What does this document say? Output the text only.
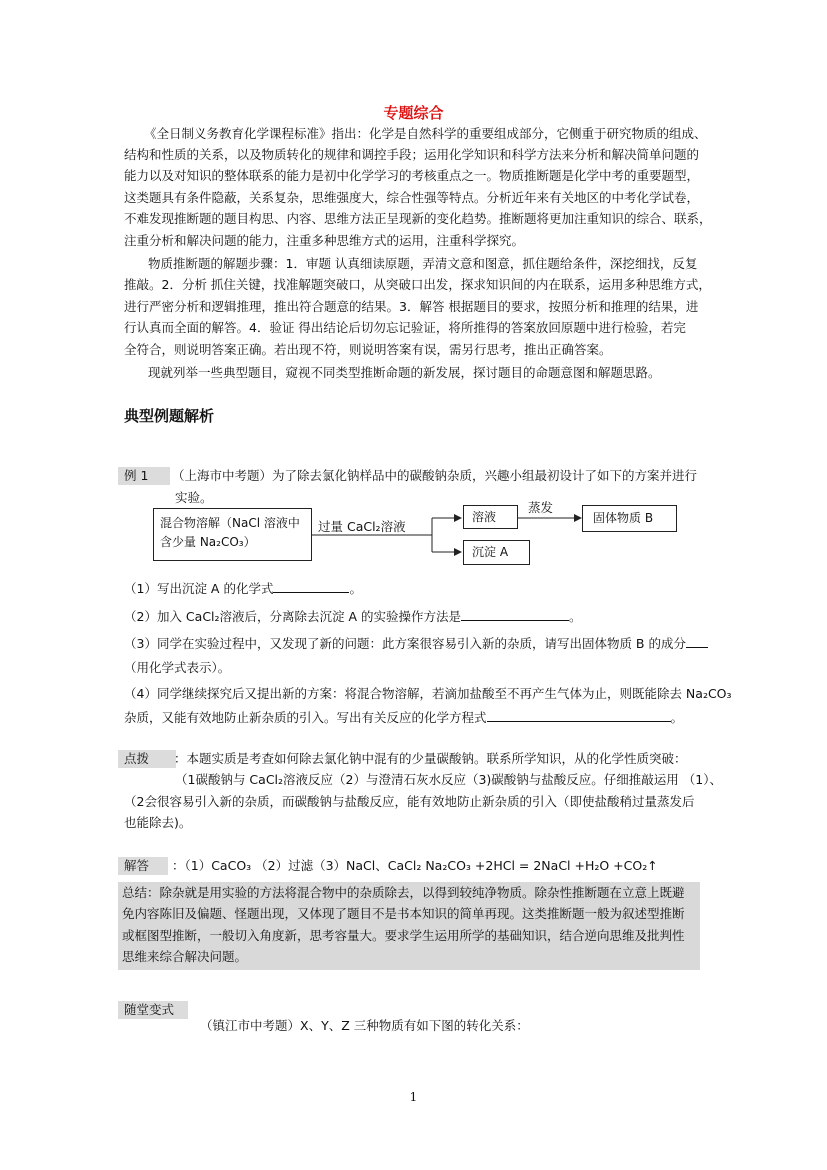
专题综合
《全日制义务教育化学课程标准》指出：化学是自然科学的重要组成部分，它侧重于研究物质的组成、
结构和性质的关系，以及物质转化的规律和调控手段；运用化学知识和科学方法来分析和解决简单问题的
能力以及对知识的整体联系的能力是初中化学学习的考核重点之一。物质推断题是化学中考的重要题型，
这类题具有条件隐蔽，关系复杂，思维强度大，综合性强等特点。分析近年来有关地区的中考化学试卷，
不难发现推断题的题目构思、内容、思维方法正呈现新的变化趋势。推断题将更加注重知识的综合、联系，
注重分析和解决问题的能力，注重多种思维方式的运用，注重科学探究。
物质推断题的解题步骤：1．审题 认真细读原题，弄清文意和图意，抓住题给条件，深挖细找，反复
推敲。2．分析 抓住关键，找准解题突破口，从突破口出发，探求知识间的内在联系，运用多种思维方式，
进行严密分析和逻辑推理，推出符合题意的结果。3．解答 根据题目的要求，按照分析和推理的结果，进
行认真而全面的解答。4．验证 得出结论后切勿忘记验证，将所推得的答案放回原题中进行检验，若完
全符合，则说明答案正确。若出现不符，则说明答案有误，需另行思考，推出正确答案。
现就列举一些典型题目，窥视不同类型推断命题的新发展，探讨题目的命题意图和解题思路。
典型例题解析
例 1	（上海市中考题）为了除去氯化钠样品中的碳酸钠杂质，兴趣小组最初设计了如下的方案并进行
实验。
混合物溶解（NaCl 溶液中
含少量 Na₂CO₃）
过量 CaCl₂溶液
溶液
蒸发
固体物质 B
沉淀 A
（1）写出沉淀 A 的化学式	。
（2）加入 CaCl₂溶液后，分离除去沉淀 A 的实验操作方法是	。
（3）同学在实验过程中，又发现了新的问题：此方案很容易引入新的杂质，请写出固体物质 B 的成分
（用化学式表示）。
（4）同学继续探究后又提出新的方案：将混合物溶解，若滴加盐酸至不再产生气体为止，则既能除去 Na₂CO₃
杂质，又能有效地防止新杂质的引入。写出有关反应的化学方程式	。
点拨	：本题实质是考查如何除去氯化钠中混有的少量碳酸钠。联系所学知识，从的化学性质突破：
（1碳酸钠与 CaCl₂溶液反应（2）与澄清石灰水反应（3)碳酸钠与盐酸反应。仔细推敲运用 （1）、
（2会很容易引入新的杂质，而碳酸钠与盐酸反应，能有效地防止新杂质的引入（即使盐酸稍过量蒸发后
也能除去)。
解答	：（1）CaCO₃ （2）过滤（3）NaCl、CaCl₂ Na₂CO₃ +2HCl = 2NaCl +H₂O +CO₂↑
总结：除杂就是用实验的方法将混合物中的杂质除去，以得到较纯净物质。除杂性推断题在立意上既避
免内容陈旧及偏题、怪题出现，又体现了题目不是书本知识的简单再现。这类推断题一般为叙述型推断
或框图型推断，一般切入角度新，思考容量大。要求学生运用所学的基础知识，结合逆向思维及批判性
思维来综合解决问题。
随堂变式
（镇江市中考题）X、Y、Z 三种物质有如下图的转化关系：
1
